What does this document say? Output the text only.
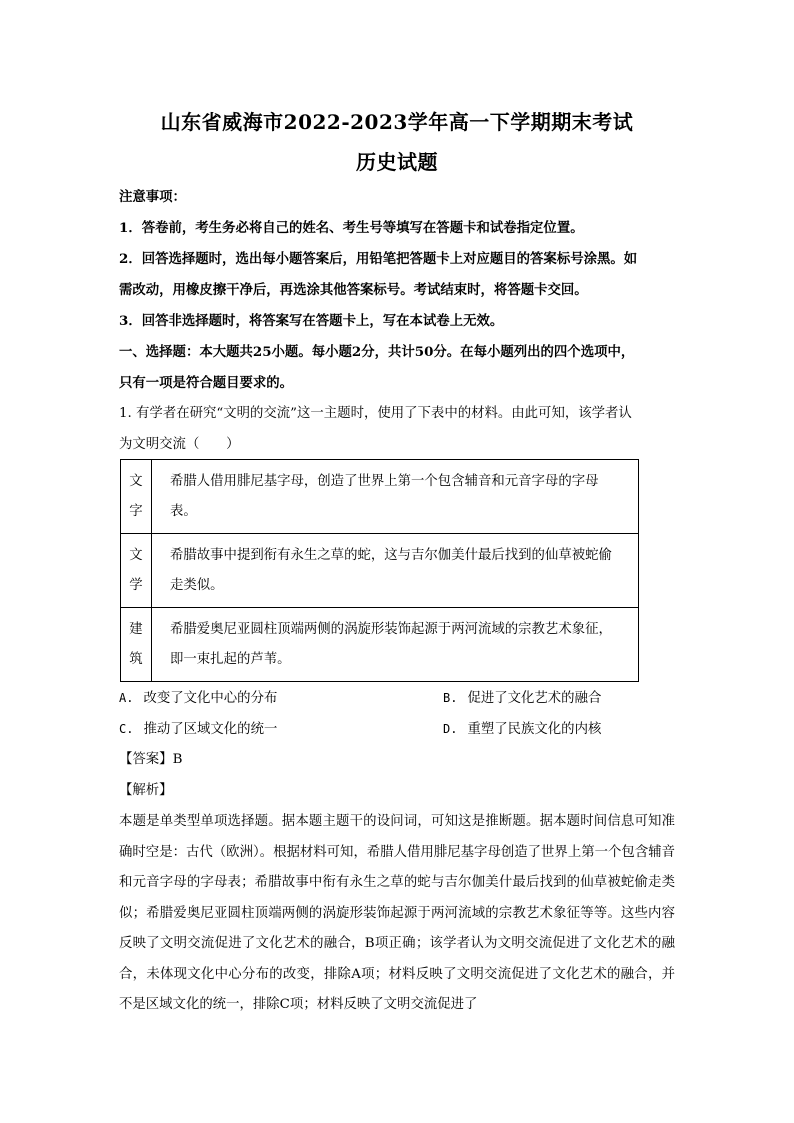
山东省威海市2022-2023学年高一下学期期末考试
历史试题
注意事项：
1．答卷前，考生务必将自己的姓名、考生号等填写在答题卡和试卷指定位置。
2．回答选择题时，选出每小题答案后，用铅笔把答题卡上对应题目的答案标号涂黑。如
需改动，用橡皮擦干净后，再选涂其他答案标号。考试结束时，将答题卡交回。
3．回答非选择题时，将答案写在答题卡上，写在本试卷上无效。
一、选择题：本大题共25小题。每小题2分，共计50分。在每小题列出的四个选项中，
只有一项是符合题目要求的。
1. 有学者在研究“文明的交流”这一主题时，使用了下表中的材料。由此可知，该学者认
为文明交流（　　）
文字	希腊人借用腓尼基字母，创造了世界上第一个包含辅音和元音字母的字母表。

文学	希腊故事中提到衔有永生之草的蛇，这与吉尔伽美什最后找到的仙草被蛇偷走类似。

建筑	希腊爱奥尼亚圆柱顶端两侧的涡旋形装饰起源于两河流域的宗教艺术象征，即一束扎起的芦苇。
A. 改变了文化中心的分布	B. 促进了文化艺术的融合
C. 推动了区域文化的统一	D. 重塑了民族文化的内核
【答案】B
【解析】
本题是单类型单项选择题。据本题主题干的设问词，可知这是推断题。据本题时间信息可知准确时空是：古代（欧洲）。根据材料可知，希腊人借用腓尼基字母创造了世界上第一个包含辅音和元音字母的字母表；希腊故事中衔有永生之草的蛇与吉尔伽美什最后找到的仙草被蛇偷走类似；希腊爱奥尼亚圆柱顶端两侧的涡旋形装饰起源于两河流域的宗教艺术象征等等。这些内容反映了文明交流促进了文化艺术的融合，B项正确；该学者认为文明交流促进了文化艺术的融合，未体现文化中心分布的改变，排除A项；材料反映了文明交流促进了文化艺术的融合，并不是区域文化的统一，排除C项；材料反映了文明交流促进了
